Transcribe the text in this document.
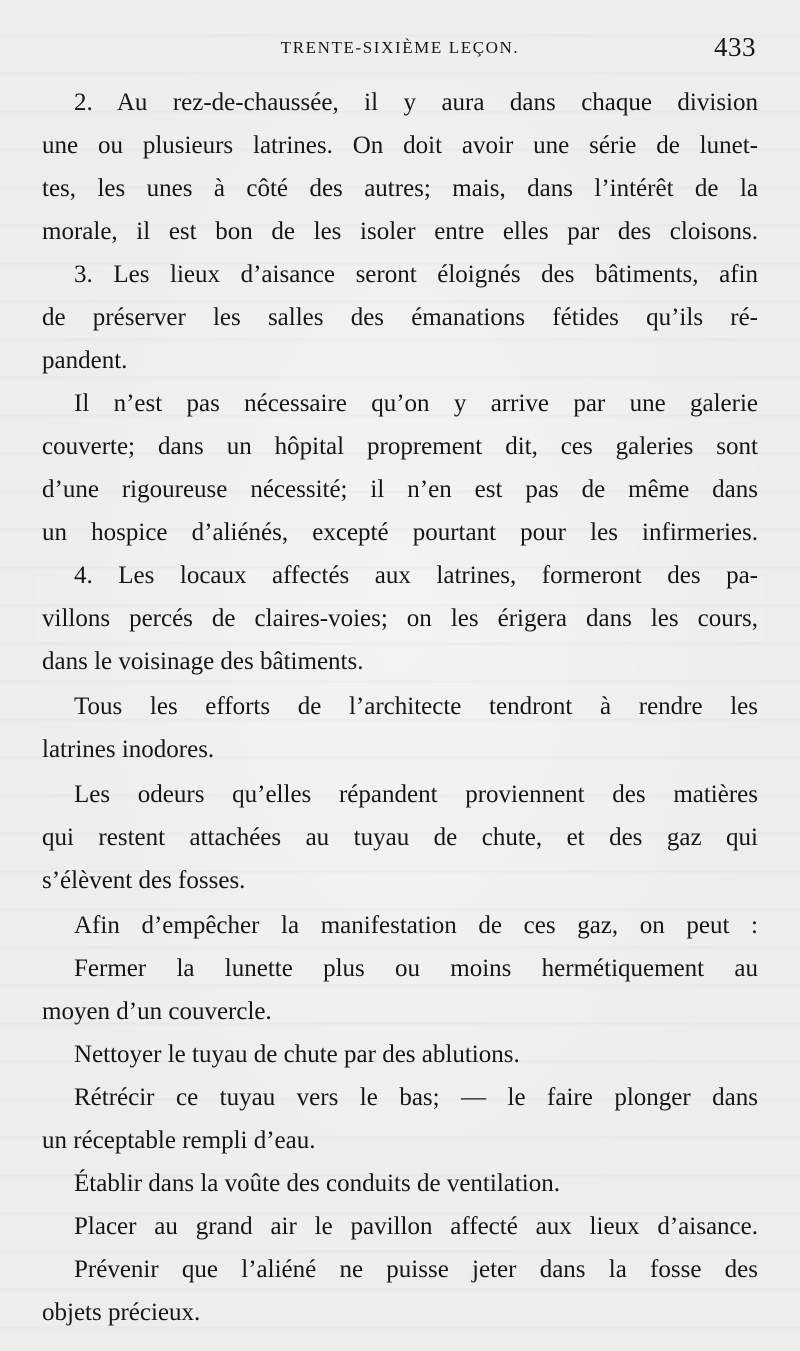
TRENTE-SIXIÈME LEÇON.	433
2. Au rez-de-chaussée, il y aura dans chaque division
une ou plusieurs latrines. On doit avoir une série de lunet-
tes, les unes à côté des autres; mais, dans l’intérêt de la
morale, il est bon de les isoler entre elles par des cloisons.
3. Les lieux d’aisance seront éloignés des bâtiments, afin
de préserver les salles des émanations fétides qu’ils ré-
pandent.
Il n’est pas nécessaire qu’on y arrive par une galerie
couverte; dans un hôpital proprement dit, ces galeries sont
d’une rigoureuse nécessité; il n’en est pas de même dans
un hospice d’aliénés, excepté pourtant pour les infirmeries.
4. Les locaux affectés aux latrines, formeront des pa-
villons percés de claires-voies; on les érigera dans les cours,
dans le voisinage des bâtiments.
Tous les efforts de l’architecte tendront à rendre les
latrines inodores.
Les odeurs qu’elles répandent proviennent des matières
qui restent attachées au tuyau de chute, et des gaz qui
s’élèvent des fosses.
Afin d’empêcher la manifestation de ces gaz, on peut :
Fermer la lunette plus ou moins hermétiquement au
moyen d’un couvercle.
Nettoyer le tuyau de chute par des ablutions.
Rétrécir ce tuyau vers le bas; — le faire plonger dans
un réceptable rempli d’eau.
Établir dans la voûte des conduits de ventilation.
Placer au grand air le pavillon affecté aux lieux d’aisance.
Prévenir que l’aliéné ne puisse jeter dans la fosse des
objets précieux.
